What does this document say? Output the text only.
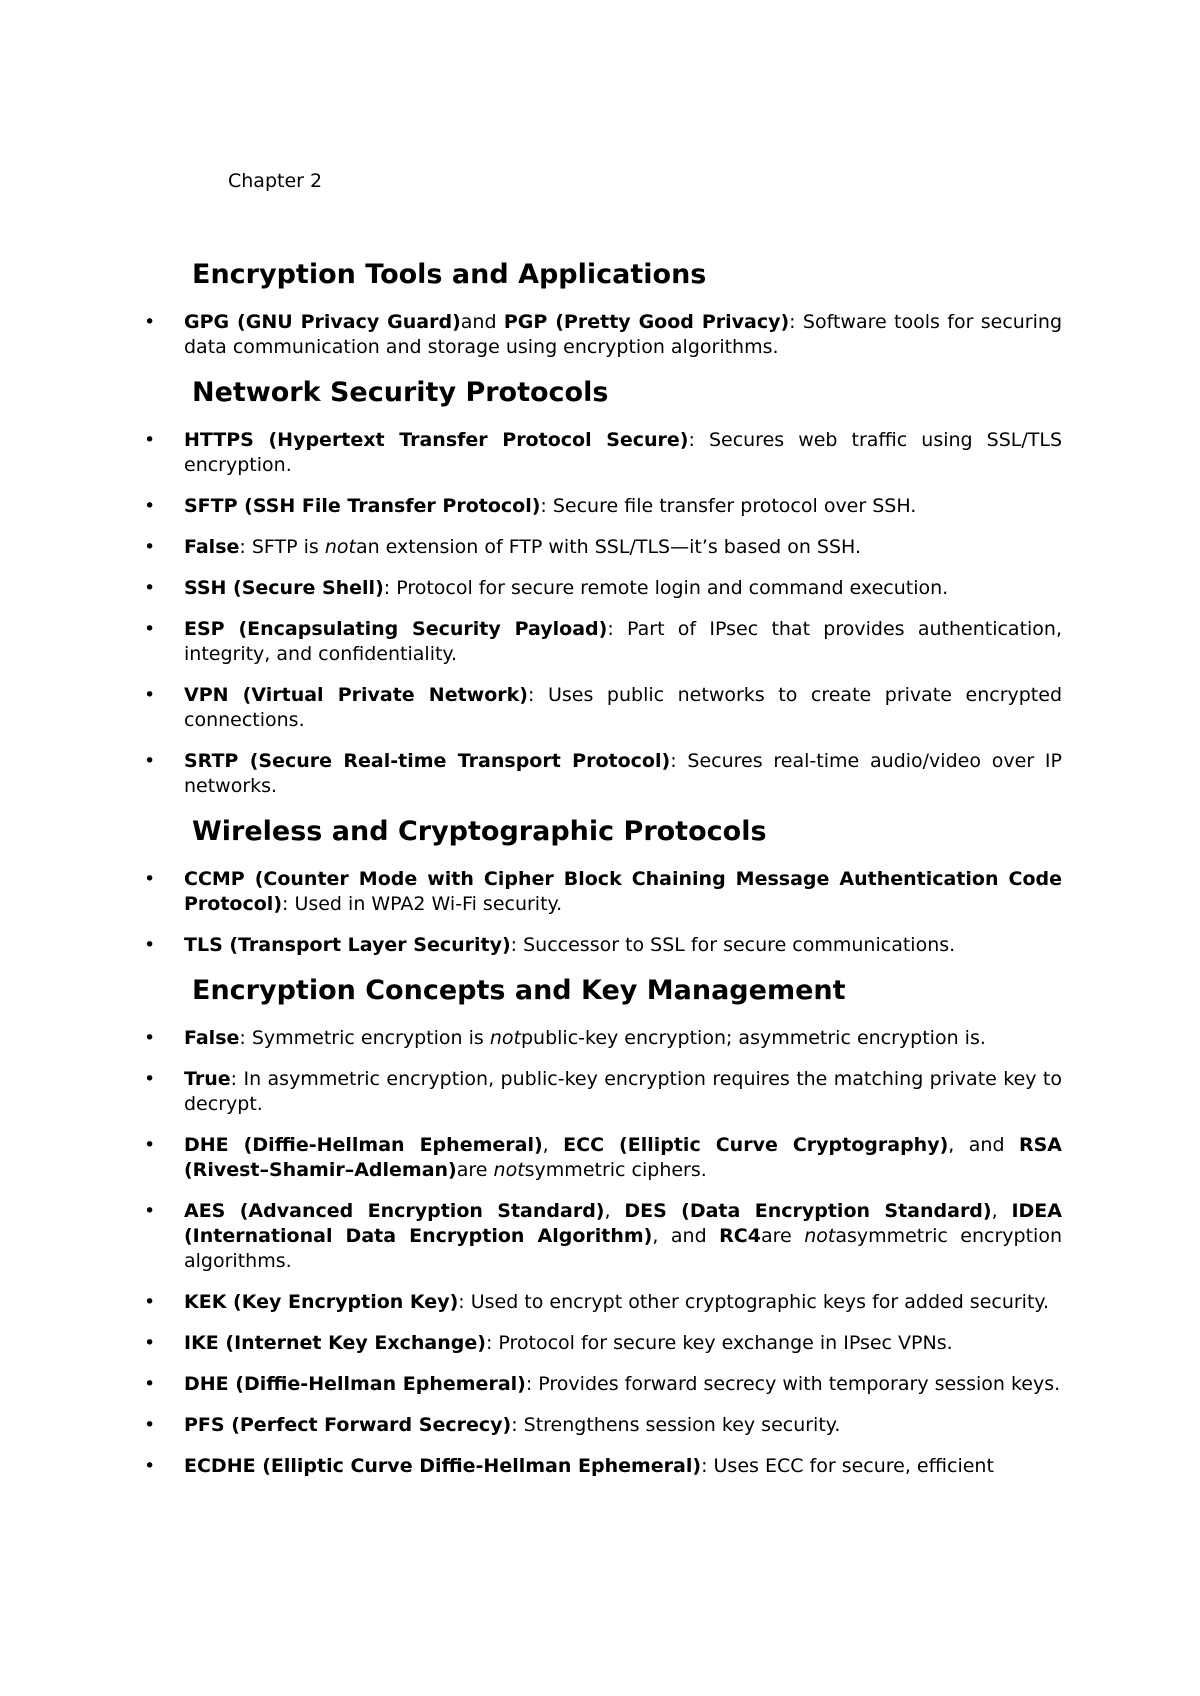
Chapter 2

Encryption Tools and Applications
• GPG (GNU Privacy Guard)and PGP (Pretty Good Privacy): Software tools for securing data communication and storage using encryption algorithms.
Network Security Protocols
• HTTPS (Hypertext Transfer Protocol Secure): Secures web traffic using SSL/TLS encryption.
• SFTP (SSH File Transfer Protocol): Secure file transfer protocol over SSH.
• False: SFTP is notan extension of FTP with SSL/TLS—it’s based on SSH.
• SSH (Secure Shell): Protocol for secure remote login and command execution.
• ESP (Encapsulating Security Payload): Part of IPsec that provides authentication, integrity, and confidentiality.
• VPN (Virtual Private Network): Uses public networks to create private encrypted connections.
• SRTP (Secure Real-time Transport Protocol): Secures real-time audio/video over IP networks.
Wireless and Cryptographic Protocols
• CCMP (Counter Mode with Cipher Block Chaining Message Authentication Code Protocol): Used in WPA2 Wi-Fi security.
• TLS (Transport Layer Security): Successor to SSL for secure communications.
Encryption Concepts and Key Management
• False: Symmetric encryption is notpublic-key encryption; asymmetric encryption is.
• True: In asymmetric encryption, public-key encryption requires the matching private key to decrypt.
• DHE (Diffie-Hellman Ephemeral), ECC (Elliptic Curve Cryptography), and RSA (Rivest–Shamir–Adleman)are notsymmetric ciphers.
• AES (Advanced Encryption Standard), DES (Data Encryption Standard), IDEA (International Data Encryption Algorithm), and RC4are notasymmetric encryption algorithms.
• KEK (Key Encryption Key): Used to encrypt other cryptographic keys for added security.
• IKE (Internet Key Exchange): Protocol for secure key exchange in IPsec VPNs.
• DHE (Diffie-Hellman Ephemeral): Provides forward secrecy with temporary session keys.
• PFS (Perfect Forward Secrecy): Strengthens session key security.
• ECDHE (Elliptic Curve Diffie-Hellman Ephemeral): Uses ECC for secure, efficient
